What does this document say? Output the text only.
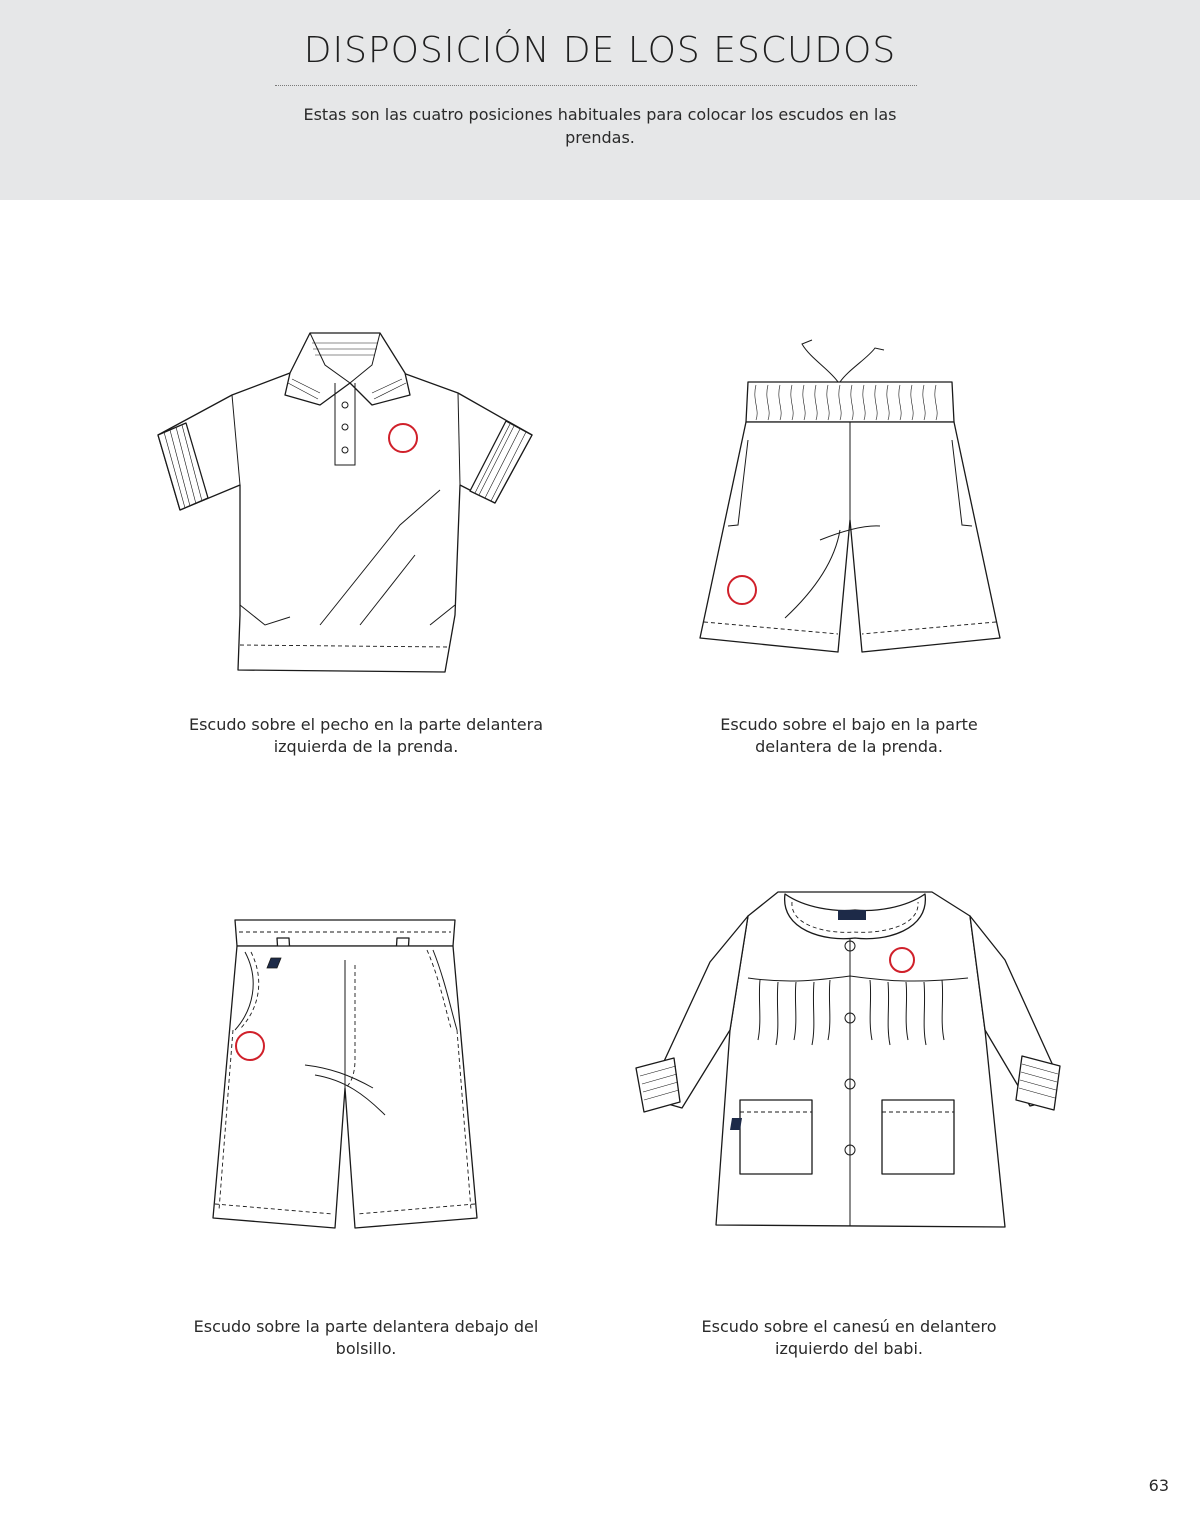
DISPOSICIÓN DE LOS ESCUDOS
Estas son las cuatro posiciones habituales para colocar los escudos en las prendas.
Escudo sobre el pecho en la parte delantera izquierda de la prenda.
Escudo sobre el bajo en la parte delantera de la prenda.
Escudo sobre la parte delantera debajo del bolsillo.
Escudo sobre el canesú en delantero izquierdo del babi.
63
